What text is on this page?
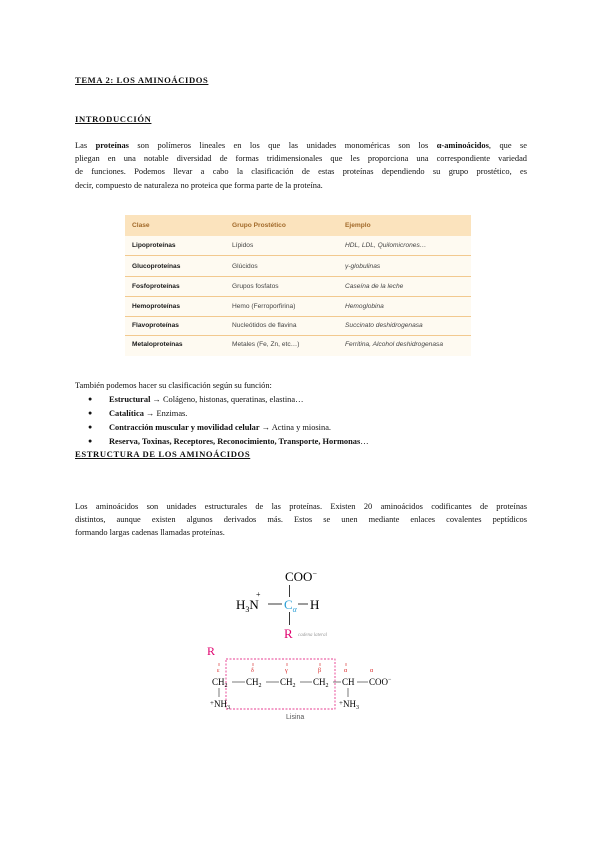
TEMA 2: LOS AMINOÁCIDOS
INTRODUCCIÓN
Las proteínas son polímeros lineales en los que las unidades monoméricas son los α-aminoácidos, que se
pliegan en una notable diversidad de formas tridimensionales que les proporciona una correspondiente variedad
de funciones. Podemos llevar a cabo la clasificación de estas proteínas dependiendo su grupo prostético, es
decir, compuesto de naturaleza no proteica que forma parte de la proteína.
Clase	Grupo Prostético	Ejemplo
Lipoproteínas	Lípidos	HDL, LDL, Quilomicrones…
Glucoproteínas	Glúcidos	γ-globulinas
Fosfoproteínas	Grupos fosfatos	Caseína de la leche
Hemoproteínas	Hemo (Ferroporfirina)	Hemoglobina
Flavoproteínas	Nucleótidos de flavina	Succinato deshidrogenasa
Metaloproteínas	Metales (Fe, Zn, etc…)	Ferritina, Alcohol deshidrogenasa
También podemos hacer su clasificación según su función:
● Estructural → Colágeno, histonas, queratinas, elastina…
● Catalítica → Enzimas.
● Contracción muscular y movilidad celular → Actina y miosina.
● Reserva, Toxinas, Receptores, Reconocimiento, Transporte, Hormonas…
ESTRUCTURA DE LOS AMINOÁCIDOS
Los aminoácidos son unidades estructurales de las proteínas. Existen 20 aminoácidos codificantes de proteínas
distintos, aunque existen algunos derivados más. Estos se unen mediante enlaces covalentes peptídicos
formando largas cadenas llamadas proteínas.
COO−
$H_3N$
+
$C_\alpha$ H
R cadena lateral
R
ε	δ	γ	β	α	α
$CH_2$ $CH_2$ $CH_2$ $CH_2$ CH COO−
$^+NH_3$
$^+NH_3$
Lisina
